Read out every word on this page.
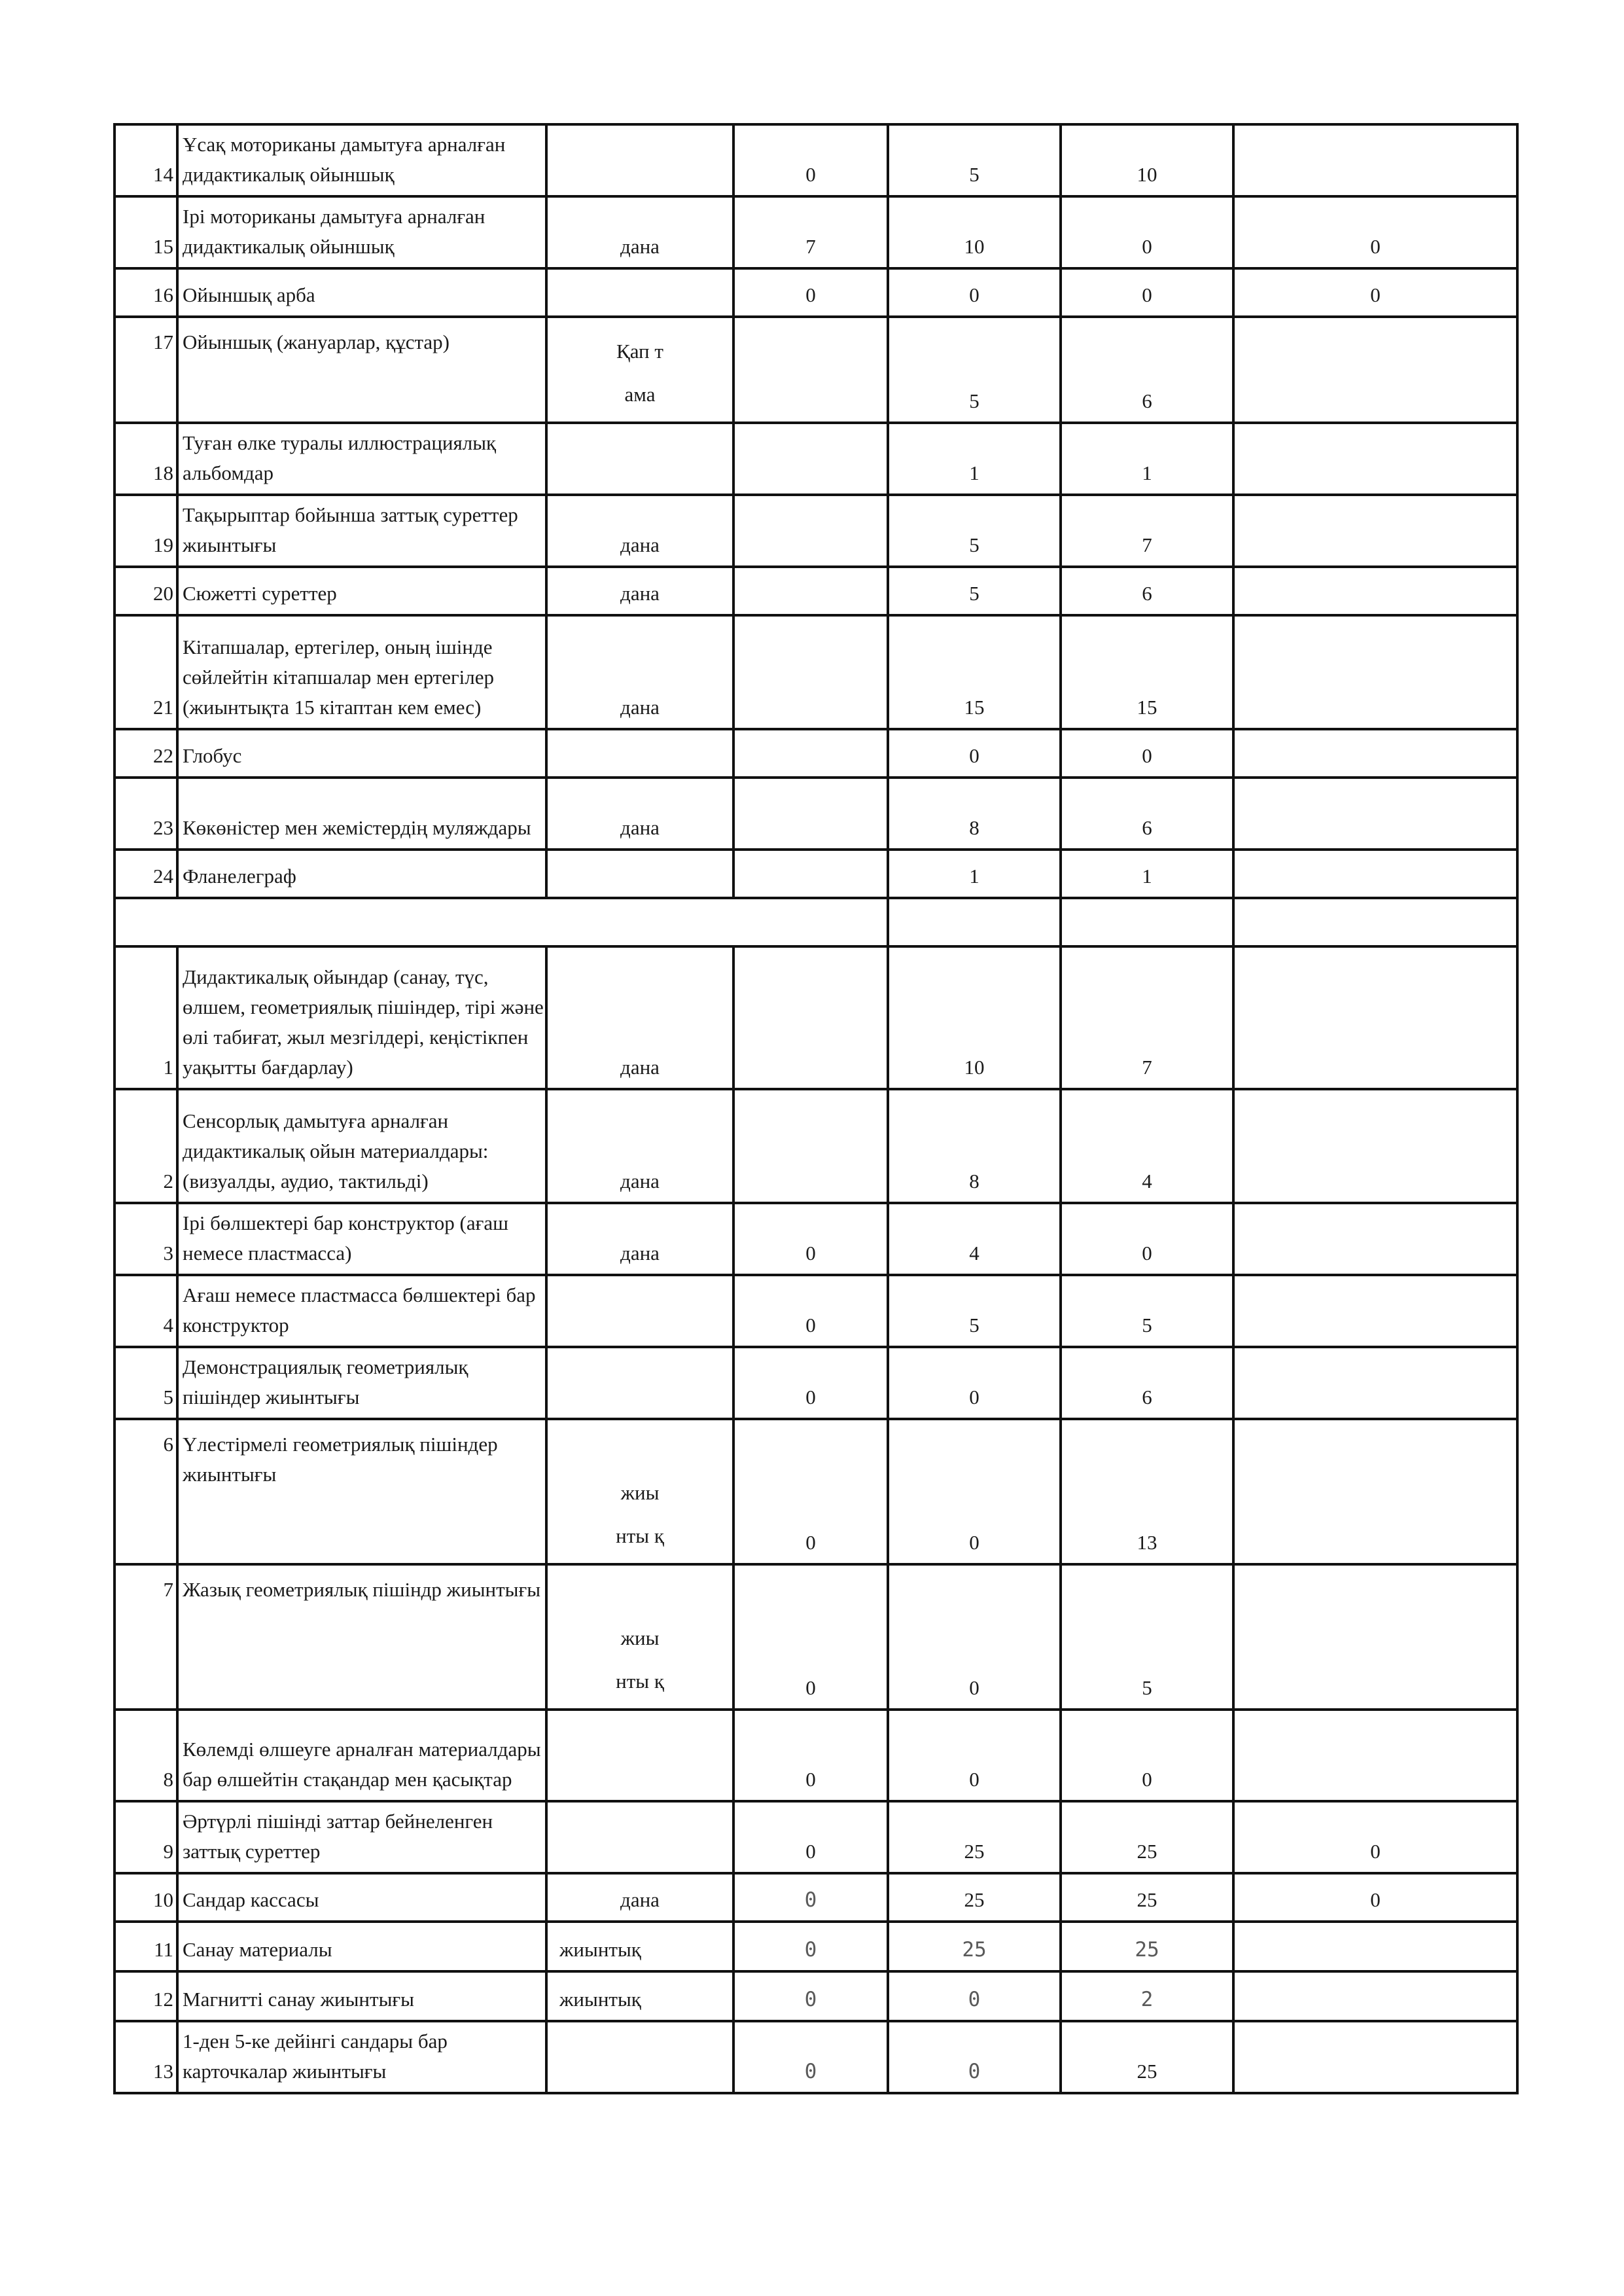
14	Ұсақ моториканы дамытуға арналған дидактикалық ойыншық		0	5	10	
15	Ірі моториканы дамытуға арналған дидактикалық ойыншық	дана	7	10	0	0
16	Ойыншық арба		0	0	0	0
17	Ойыншық (жануарлар, құстар)	Қап тама		5	6	
18	Туған өлке туралы иллюстрациялық альбомдар			1	1	
19	Тақырыптар бойынша заттық суреттер жиынтығы	дана		5	7	
20	Сюжетті суреттер	дана		5	6	
21	Кітапшалар, ертегілер, оның ішінде сөйлейтін кітапшалар мен ертегілер (жиынтықта 15 кітаптан кем емес)	дана		15	15	
22	Глобус			0	0	
23	Көкөністер мен жемістердің муляждары	дана		8	6	
24	Фланелеграф			1	1	

1	Дидактикалық ойындар (санау, түс, өлшем, геометриялық пішіндер, тірі және өлі табиғат, жыл мезгілдері, кеңістікпен уақытты бағдарлау)	дана		10	7	
2	Сенсорлық дамытуға арналған дидактикалық ойын материалдары: (визуалды, аудио, тактильді)	дана		8	4	
3	Ірі бөлшектері бар конструктор (ағаш немесе пластмасса)	дана	0	4	0	
4	Ағаш немесе пластмасса бөлшектері бар конструктор		0	5	5	
5	Демонстрациялық геометриялық пішіндер жиынтығы		0	0	6	
6	Үлестірмелі геометриялық пішіндер жиынтығы	жиы нты қ	0	0	13	
7	Жазық геометриялық пішіндр жиынтығы	жиы нты қ	0	0	5	
8	Көлемді өлшеуге арналған материалдары бар өлшейтін стақандар мен қасықтар		0	0	0	
9	Әртүрлі пішінді заттар бейнеленген заттық суреттер		0	25	25	0
10	Сандар кассасы	дана	0	25	25	0
11	Санау материалы	жиынтық	0	25	25	
12	Магнитті санау жиынтығы	жиынтық	0	0	2	
13	1-ден 5-ке дейінгі сандары бар карточкалар жиынтығы		0	0	25	
